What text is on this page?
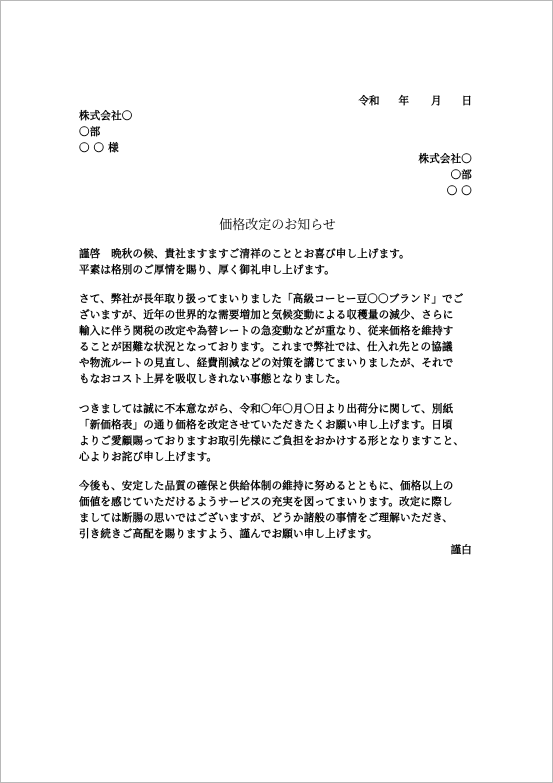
令和 年 月 日
株式会社〇
〇部
〇 〇 様
株式会社〇
〇部
〇 〇
価格改定のお知らせ
謹啓　晩秋の候、貴社ますますご清祥のこととお喜び申し上げます。
平素は格別のご厚情を賜り、厚く御礼申し上げます。
さて、弊社が長年取り扱ってまいりました「高級コーヒー豆〇〇ブランド」でご
ざいますが、近年の世界的な需要増加と気候変動による収穫量の減少、さらに
輸入に伴う関税の改定や為替レートの急変動などが重なり、従来価格を維持す
ることが困難な状況となっております。これまで弊社では、仕入れ先との協議
や物流ルートの見直し、経費削減などの対策を講じてまいりましたが、それで
もなおコスト上昇を吸収しきれない事態となりました。
つきましては誠に不本意ながら、令和〇年〇月〇日より出荷分に関して、別紙
「新価格表」の通り価格を改定させていただきたくお願い申し上げます。日頃
よりご愛顧賜っておりますお取引先様にご負担をおかけする形となりますこと、
心よりお詫び申し上げます。
今後も、安定した品質の確保と供給体制の維持に努めるとともに、価格以上の
価値を感じていただけるようサービスの充実を図ってまいります。改定に際し
ましては断腸の思いではございますが、どうか諸般の事情をご理解いただき、
引き続きご高配を賜りますよう、謹んでお願い申し上げます。
謹白
